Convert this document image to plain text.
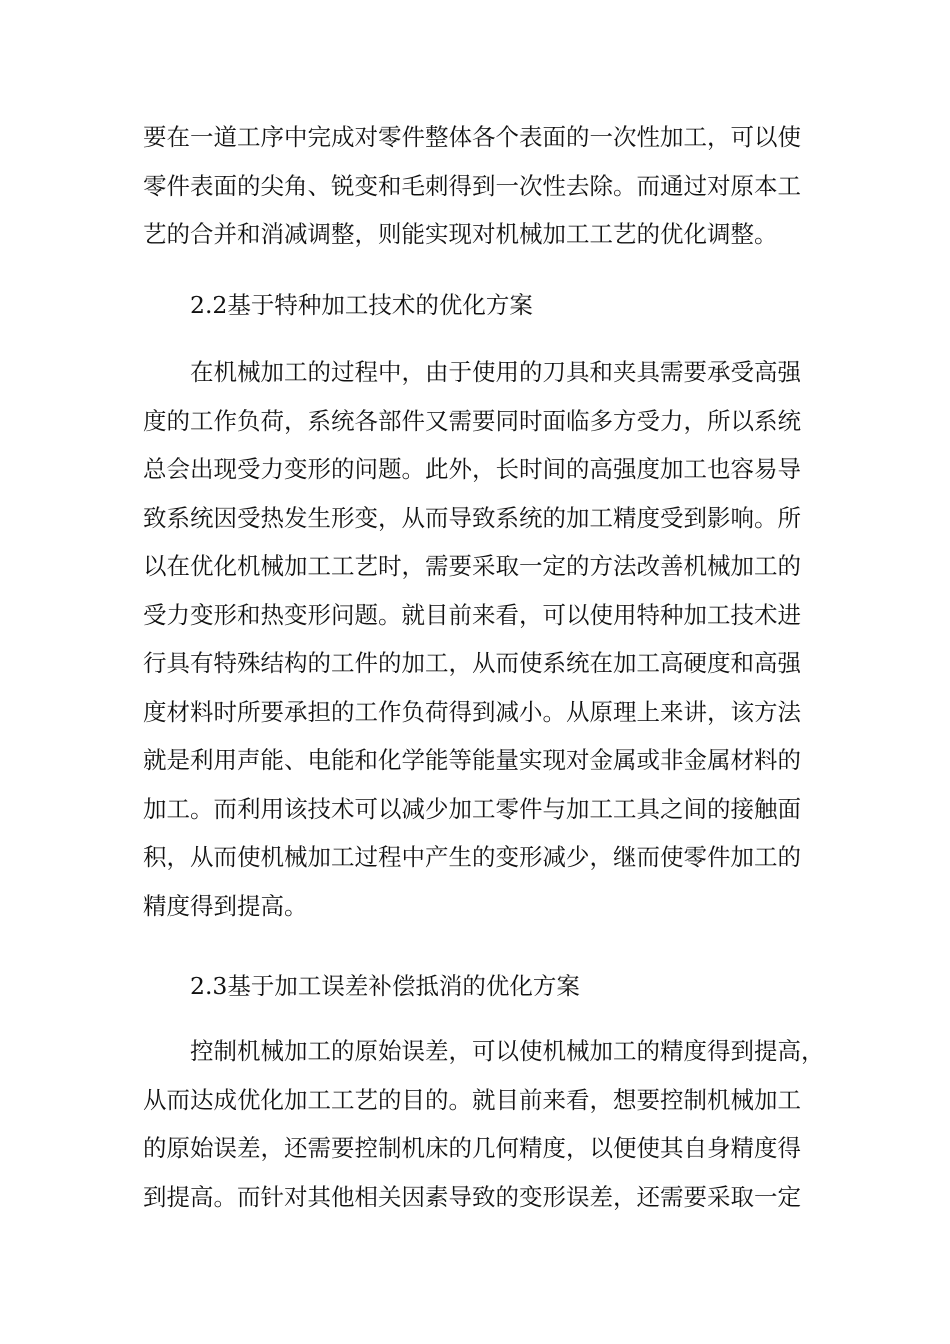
要在一道工序中完成对零件整体各个表面的一次性加工，可以使
零件表面的尖角、锐变和毛刺得到一次性去除。而通过对原本工
艺的合并和消减调整，则能实现对机械加工工艺的优化调整。
2.2基于特种加工技术的优化方案
在机械加工的过程中，由于使用的刀具和夹具需要承受高强
度的工作负荷，系统各部件又需要同时面临多方受力，所以系统
总会出现受力变形的问题。此外，长时间的高强度加工也容易导
致系统因受热发生形变，从而导致系统的加工精度受到影响。所
以在优化机械加工工艺时，需要采取一定的方法改善机械加工的
受力变形和热变形问题。就目前来看，可以使用特种加工技术进
行具有特殊结构的工件的加工，从而使系统在加工高硬度和高强
度材料时所要承担的工作负荷得到减小。从原理上来讲，该方法
就是利用声能、电能和化学能等能量实现对金属或非金属材料的
加工。而利用该技术可以减少加工零件与加工工具之间的接触面
积，从而使机械加工过程中产生的变形减少，继而使零件加工的
精度得到提高。
2.3基于加工误差补偿抵消的优化方案
控制机械加工的原始误差，可以使机械加工的精度得到提高，
从而达成优化加工工艺的目的。就目前来看，想要控制机械加工
的原始误差，还需要控制机床的几何精度，以便使其自身精度得
到提高。而针对其他相关因素导致的变形误差，还需要采取一定
